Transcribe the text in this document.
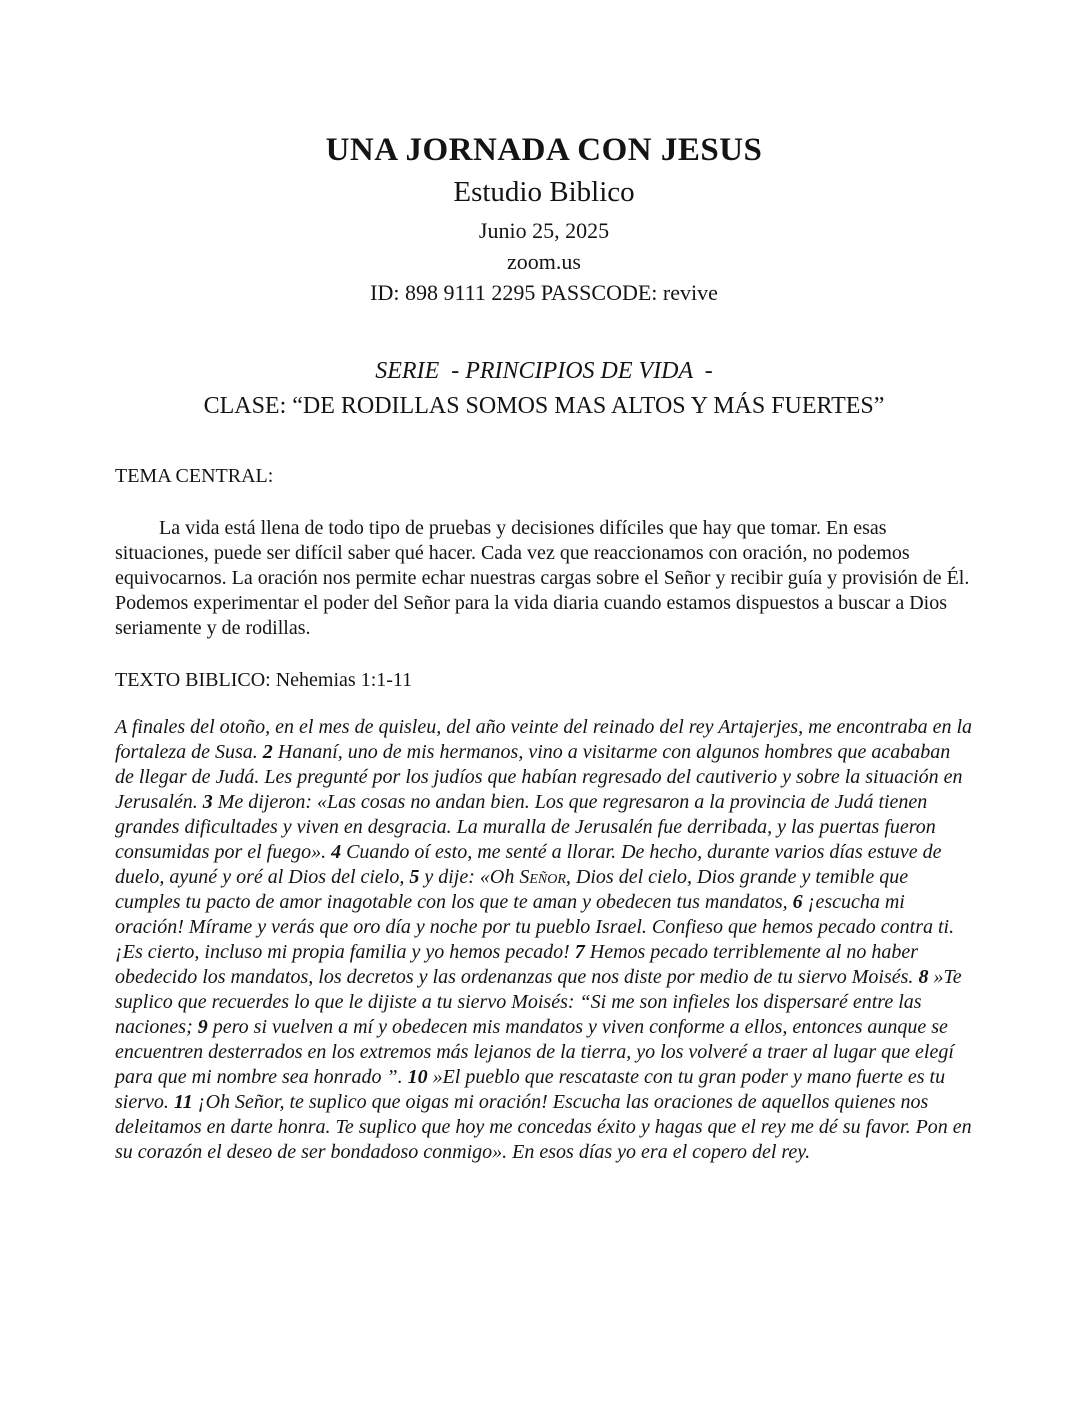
UNA JORNADA CON JESUS
Estudio Biblico
Junio 25, 2025
zoom.us
ID: 898 9111 2295 PASSCODE: revive
SERIE  - PRINCIPIOS DE VIDA  -
CLASE: “DE RODILLAS SOMOS MAS ALTOS Y MÁS FUERTES”
TEMA CENTRAL:

La vida está llena de todo tipo de pruebas y decisiones difíciles que hay que tomar. En esas situaciones, puede ser difícil saber qué hacer. Cada vez que reaccionamos con oración, no podemos equivocarnos. La oración nos permite echar nuestras cargas sobre el Señor y recibir guía y provisión de Él. Podemos experimentar el poder del Señor para la vida diaria cuando estamos dispuestos a buscar a Dios seriamente y de rodillas.

TEXTO BIBLICO: Nehemias 1:1-11

A finales del otoño, en el mes de quisleu, del año veinte del reinado del rey Artajerjes, me encontraba en la fortaleza de Susa. 2 Hananí, uno de mis hermanos, vino a visitarme con algunos hombres que acababan de llegar de Judá. Les pregunté por los judíos que habían regresado del cautiverio y sobre la situación en Jerusalén. 3 Me dijeron: «Las cosas no andan bien. Los que regresaron a la provincia de Judá tienen grandes dificultades y viven en desgracia. La muralla de Jerusalén fue derribada, y las puertas fueron consumidas por el fuego». 4 Cuando oí esto, me senté a llorar. De hecho, durante varios días estuve de duelo, ayuné y oré al Dios del cielo, 5 y dije: «Oh Señor, Dios del cielo, Dios grande y temible que cumples tu pacto de amor inagotable con los que te aman y obedecen tus mandatos, 6 ¡escucha mi oración! Mírame y verás que oro día y noche por tu pueblo Israel. Confieso que hemos pecado contra ti. ¡Es cierto, incluso mi propia familia y yo hemos pecado! 7 Hemos pecado terriblemente al no haber obedecido los mandatos, los decretos y las ordenanzas que nos diste por medio de tu siervo Moisés. 8 »Te suplico que recuerdes lo que le dijiste a tu siervo Moisés: “Si me son infieles los dispersaré entre las naciones; 9 pero si vuelven a mí y obedecen mis mandatos y viven conforme a ellos, entonces aunque se encuentren desterrados en los extremos más lejanos de la tierra, yo los volveré a traer al lugar que elegí para que mi nombre sea honrado ”. 10 »El pueblo que rescataste con tu gran poder y mano fuerte es tu siervo. 11 ¡Oh Señor, te suplico que oigas mi oración! Escucha las oraciones de aquellos quienes nos deleitamos en darte honra. Te suplico que hoy me concedas éxito y hagas que el rey me dé su favor. Pon en su corazón el deseo de ser bondadoso conmigo». En esos días yo era el copero del rey.
